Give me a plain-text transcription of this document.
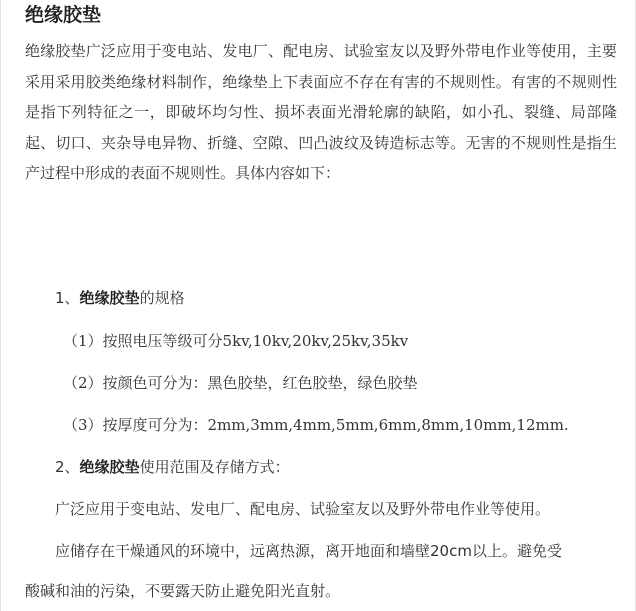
绝缘胶垫

绝缘胶垫广泛应用于变电站、发电厂、配电房、试验室友以及野外带电作业等使用，主要采用采用胶类绝缘材料制作，绝缘垫上下表面应不存在有害的不规则性。有害的不规则性是指下列特征之一，即破坏均匀性、损坏表面光滑轮廓的缺陷，如小孔、裂缝、局部隆起、切口、夹杂导电异物、折缝、空隙、凹凸波纹及铸造标志等。无害的不规则性是指生产过程中形成的表面不规则性。具体内容如下：

1、绝缘胶垫的规格
（1）按照电压等级可分5kv,10kv,20kv,25kv,35kv
（2）按颜色可分为：黑色胶垫，红色胶垫，绿色胶垫
（3）按厚度可分为：2mm,3mm,4mm,5mm,6mm,8mm,10mm,12mm.
2、绝缘胶垫使用范围及存储方式：
广泛应用于变电站、发电厂、配电房、试验室友以及野外带电作业等使用。
应储存在干燥通风的环境中，远离热源，离开地面和墙壁20cm以上。避免受
酸碱和油的污染，不要露天防止避免阳光直射。
